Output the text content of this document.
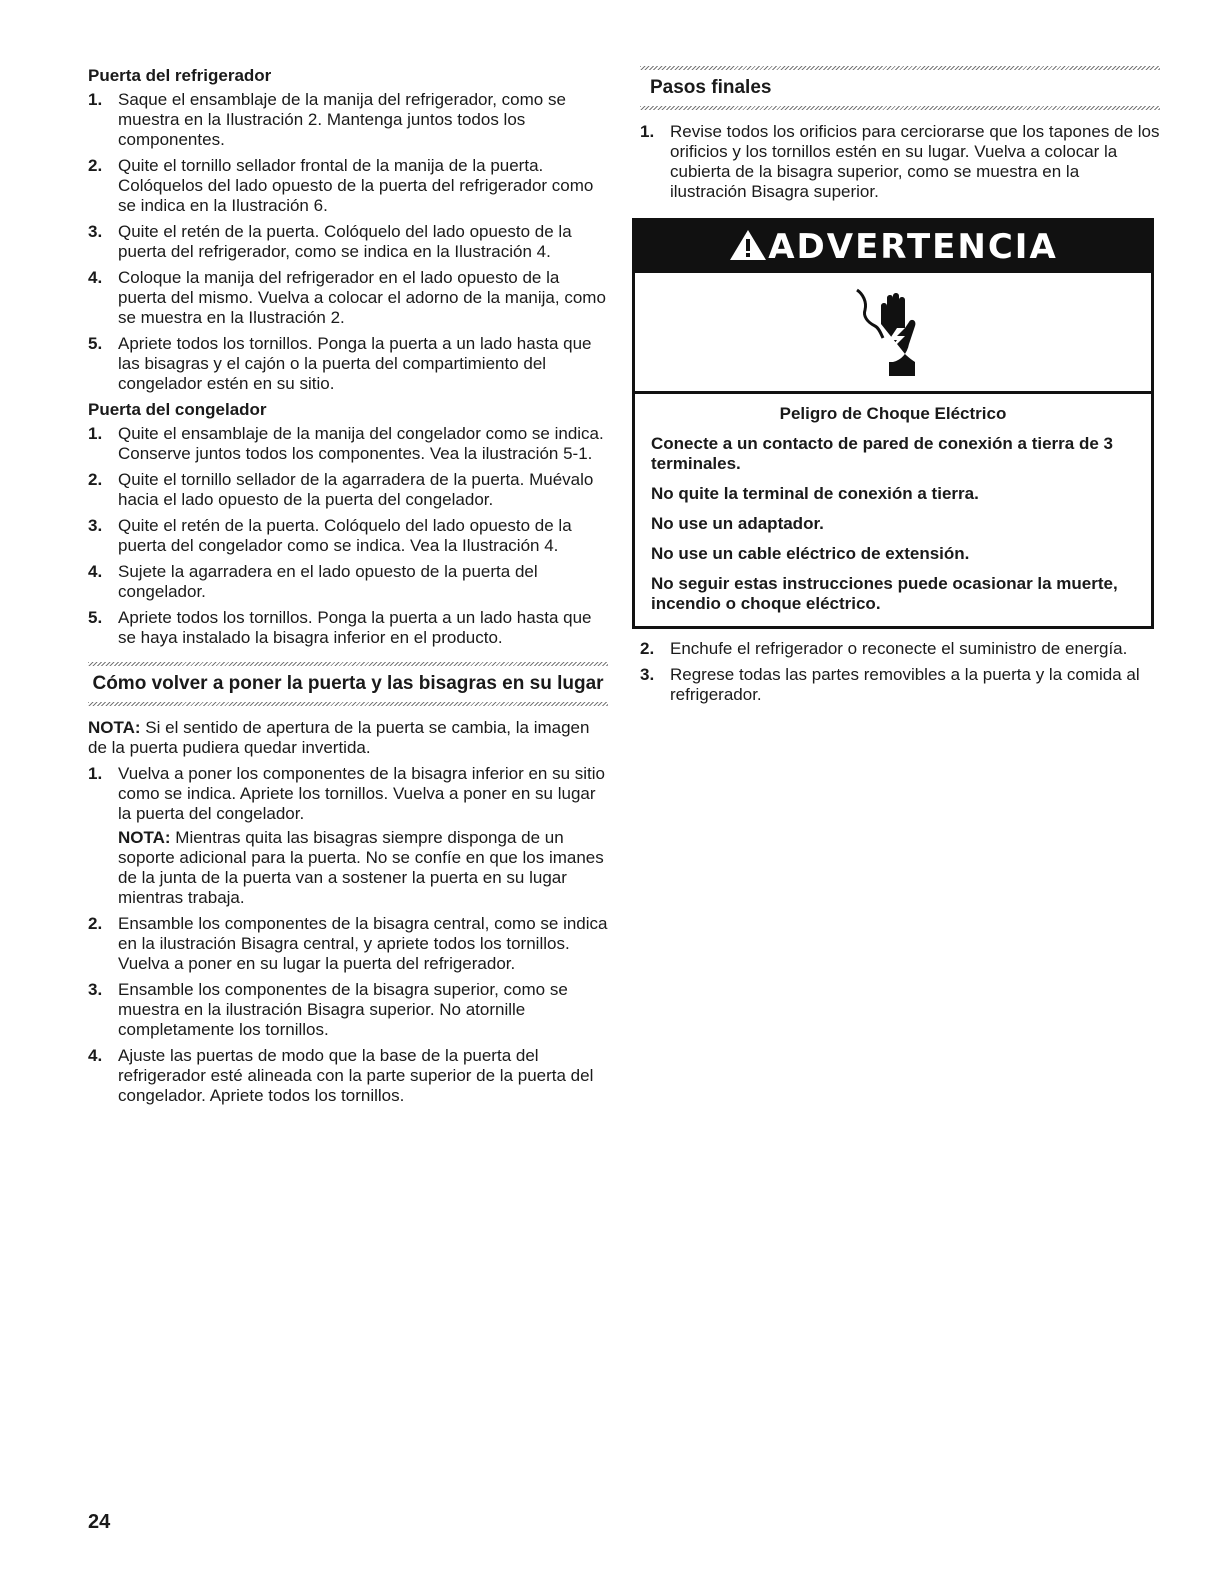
Puerta del refrigerador
1. Saque el ensamblaje de la manija del refrigerador, como se muestra en la Ilustración 2. Mantenga juntos todos los componentes.
2. Quite el tornillo sellador frontal de la manija de la puerta. Colóquelos del lado opuesto de la puerta del refrigerador como se indica en la Ilustración 6.
3. Quite el retén de la puerta. Colóquelo del lado opuesto de la puerta del refrigerador, como se indica en la Ilustración 4.
4. Coloque la manija del refrigerador en el lado opuesto de la puerta del mismo. Vuelva a colocar el adorno de la manija, como se muestra en la Ilustración 2.
5. Apriete todos los tornillos. Ponga la puerta a un lado hasta que las bisagras y el cajón o la puerta del compartimiento del congelador estén en su sitio.
Puerta del congelador
1. Quite el ensamblaje de la manija del congelador como se indica. Conserve juntos todos los componentes. Vea la ilustración 5-1.
2. Quite el tornillo sellador de la agarradera de la puerta. Muévalo hacia el lado opuesto de la puerta del congelador.
3. Quite el retén de la puerta. Colóquelo del lado opuesto de la puerta del congelador como se indica. Vea la Ilustración 4.
4. Sujete la agarradera en el lado opuesto de la puerta del congelador.
5. Apriete todos los tornillos. Ponga la puerta a un lado hasta que se haya instalado la bisagra inferior en el producto.
Cómo volver a poner la puerta y las bisagras en su lugar

NOTA: Si el sentido de apertura de la puerta se cambia, la imagen de la puerta pudiera quedar invertida.

1. Vuelva a poner los componentes de la bisagra inferior en su sitio como se indica. Apriete los tornillos. Vuelva a poner en su lugar la puerta del congelador.
NOTA: Mientras quita las bisagras siempre disponga de un soporte adicional para la puerta. No se confíe en que los imanes de la junta de la puerta van a sostener la puerta en su lugar mientras trabaja.
2. Ensamble los componentes de la bisagra central, como se indica en la ilustración Bisagra central, y apriete todos los tornillos. Vuelva a poner en su lugar la puerta del refrigerador.
3. Ensamble los componentes de la bisagra superior, como se muestra en la ilustración Bisagra superior. No atornille completamente los tornillos.
4. Ajuste las puertas de modo que la base de la puerta del refrigerador esté alineada con la parte superior de la puerta del congelador. Apriete todos los tornillos.
Pasos finales
1. Revise todos los orificios para cerciorarse que los tapones de los orificios y los tornillos estén en su lugar. Vuelva a colocar la cubierta de la bisagra superior, como se muestra en la ilustración Bisagra superior.
ADVERTENCIA
Peligro de Choque Eléctrico
Conecte a un contacto de pared de conexión a tierra de 3 terminales.
No quite la terminal de conexión a tierra.
No use un adaptador.
No use un cable eléctrico de extensión.
No seguir estas instrucciones puede ocasionar la muerte, incendio o choque eléctrico.
2. Enchufe el refrigerador o reconecte el suministro de energía.
3. Regrese todas las partes removibles a la puerta y la comida al refrigerador.
24
